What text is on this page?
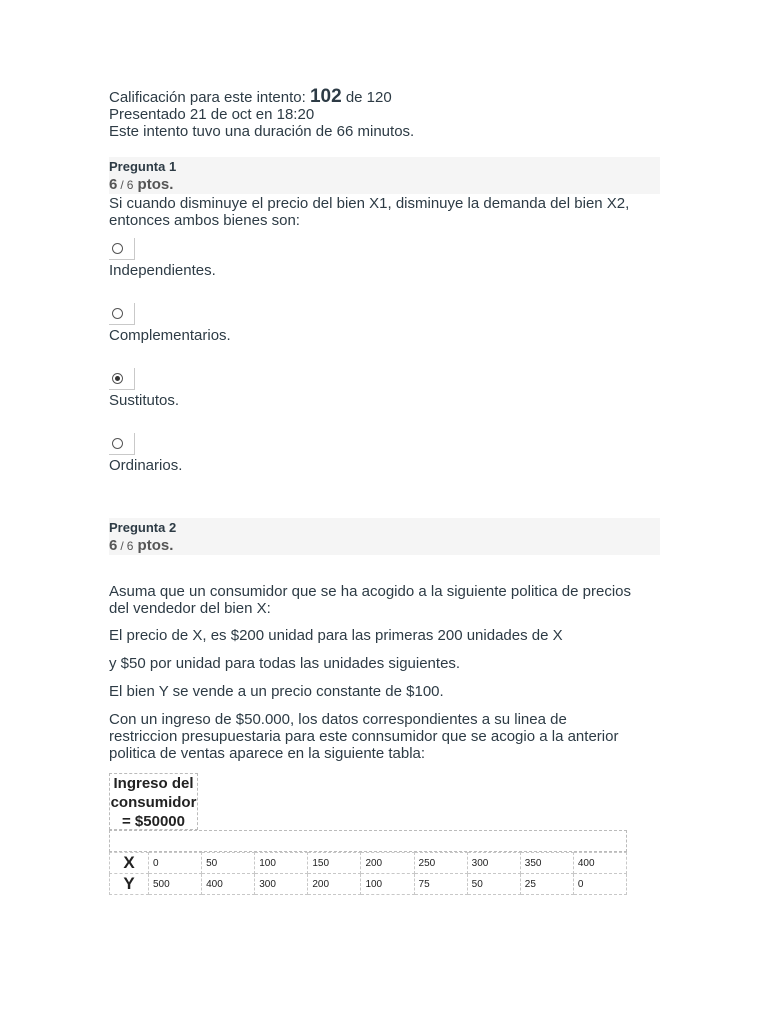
Calificación para este intento: 102 de 120
Presentado 21 de oct en 18:20
Este intento tuvo una duración de 66 minutos.
Pregunta 1
6 / 6 ptos.
Si cuando disminuye el precio del bien X1, disminuye la demanda del bien X2,
entonces ambos bienes son:
Independientes.
Complementarios.
Sustitutos.
Ordinarios.
Pregunta 2
6 / 6 ptos.
Asuma que un consumidor que se ha acogido a la siguiente politica de precios
del vendedor del bien X:
El precio de X, es $200 unidad para las primeras 200 unidades de X
y $50 por unidad para todas las unidades siguientes.
El bien Y se vende a un precio constante de $100.
Con un ingreso de $50.000, los datos correspondientes a su linea de
restriccion presupuestaria para este connsumidor que se acogio a la anterior
politica de ventas aparece en la siguiente tabla:
Ingreso del
consumidor
= $50000
X	0	50	100	150	200	250	300	350	400
Y	500	400	300	200	100	75	50	25	0
